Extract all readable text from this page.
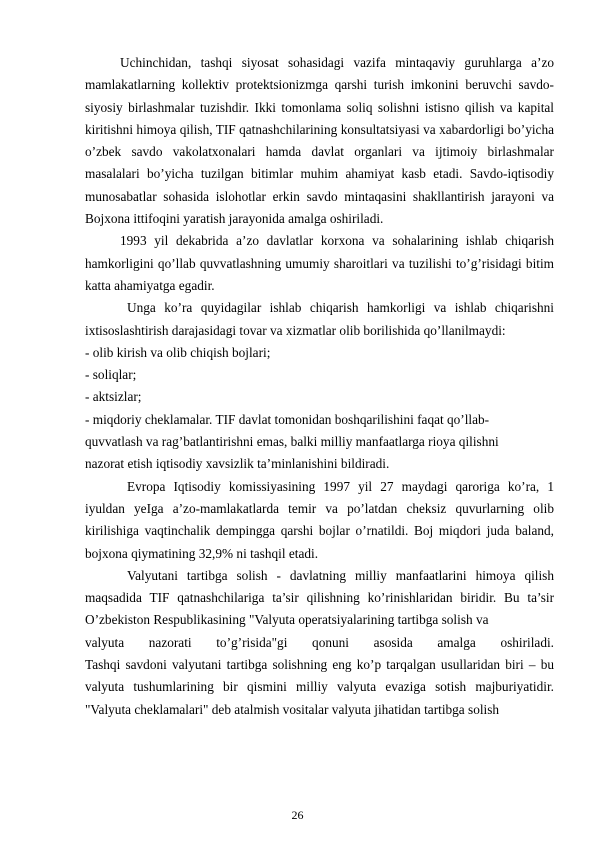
Uchinchidan, tashqi siyosat sohasidagi vazifa mintaqaviy guruhlarga a’zo mamlakatlarning kollektiv protektsionizmga qarshi turish imkonini beruvchi savdo-siyosiy birlashmalar tuzishdir. Ikki tomonlama soliq solishni istisno qilish va kapital kiritishni himoya qilish, TIF qatnashchilarining konsultatsiyasi va xabardorligi bo’yicha o’zbek savdo vakolatxonalari hamda davlat organlari va ijtimoiy birlashmalar masalalari bo’yicha tuzilgan bitimlar muhim ahamiyat kasb etadi. Savdo-iqtisodiy munosabatlar sohasida islohotlar erkin savdo mintaqasini shakllantirish jarayoni va Bojxona ittifoqini yaratish jarayonida amalga oshiriladi.

1993 yil dekabrida a’zo davlatlar korxona va sohalarining ishlab chiqarish hamkorligini qo’llab quvvatlashning umumiy sharoitlari va tuzilishi to’g’risidagi bitim katta ahamiyatga egadir.

Unga ko’ra quyidagilar ishlab chiqarish hamkorligi va ishlab chiqarishni ixtisoslashtirish darajasidagi tovar va xizmatlar olib borilishida qo’llanilmaydi:

- olib kirish va olib chiqish bojlari;

- soliqlar;

- aktsizlar;

- miqdoriy cheklamalar. TIF davlat tomonidan boshqarilishini faqat qo’llab-

quvvatlash va rag’batlantirishni emas, balki milliy manfaatlarga rioya qilishni

nazorat etish iqtisodiy xavsizlik ta’minlanishini bildiradi.

Evropa Iqtisodiy komissiyasining 1997 yil 27 maydagi qaroriga ko’ra, 1 iyuldan yeIga a’zo-mamlakatlarda temir va po’latdan cheksiz quvurlarning olib kirilishiga vaqtinchalik dempingga qarshi bojlar o’rnatildi. Boj miqdori juda baland, bojxona qiymatining 32,9% ni tashqil etadi.

Valyutani tartibga solish - davlatning milliy manfaatlarini himoya qilish maqsadida TIF qatnashchilariga ta’sir qilishning ko’rinishlaridan biridir. Bu ta’sir O’zbekiston Respublikasining "Valyuta operatsiyalarining tartibga solish va

valyuta nazorati to’g’risida"gi qonuni asosida amalga oshiriladi.

Tashqi savdoni valyutani tartibga solishning eng ko’p tarqalgan usullaridan biri – bu valyuta tushumlarining bir qismini milliy valyuta evaziga sotish majburiyatidir. "Valyuta cheklamalari" deb atalmish vositalar valyuta jihatidan tartibga solish

26
